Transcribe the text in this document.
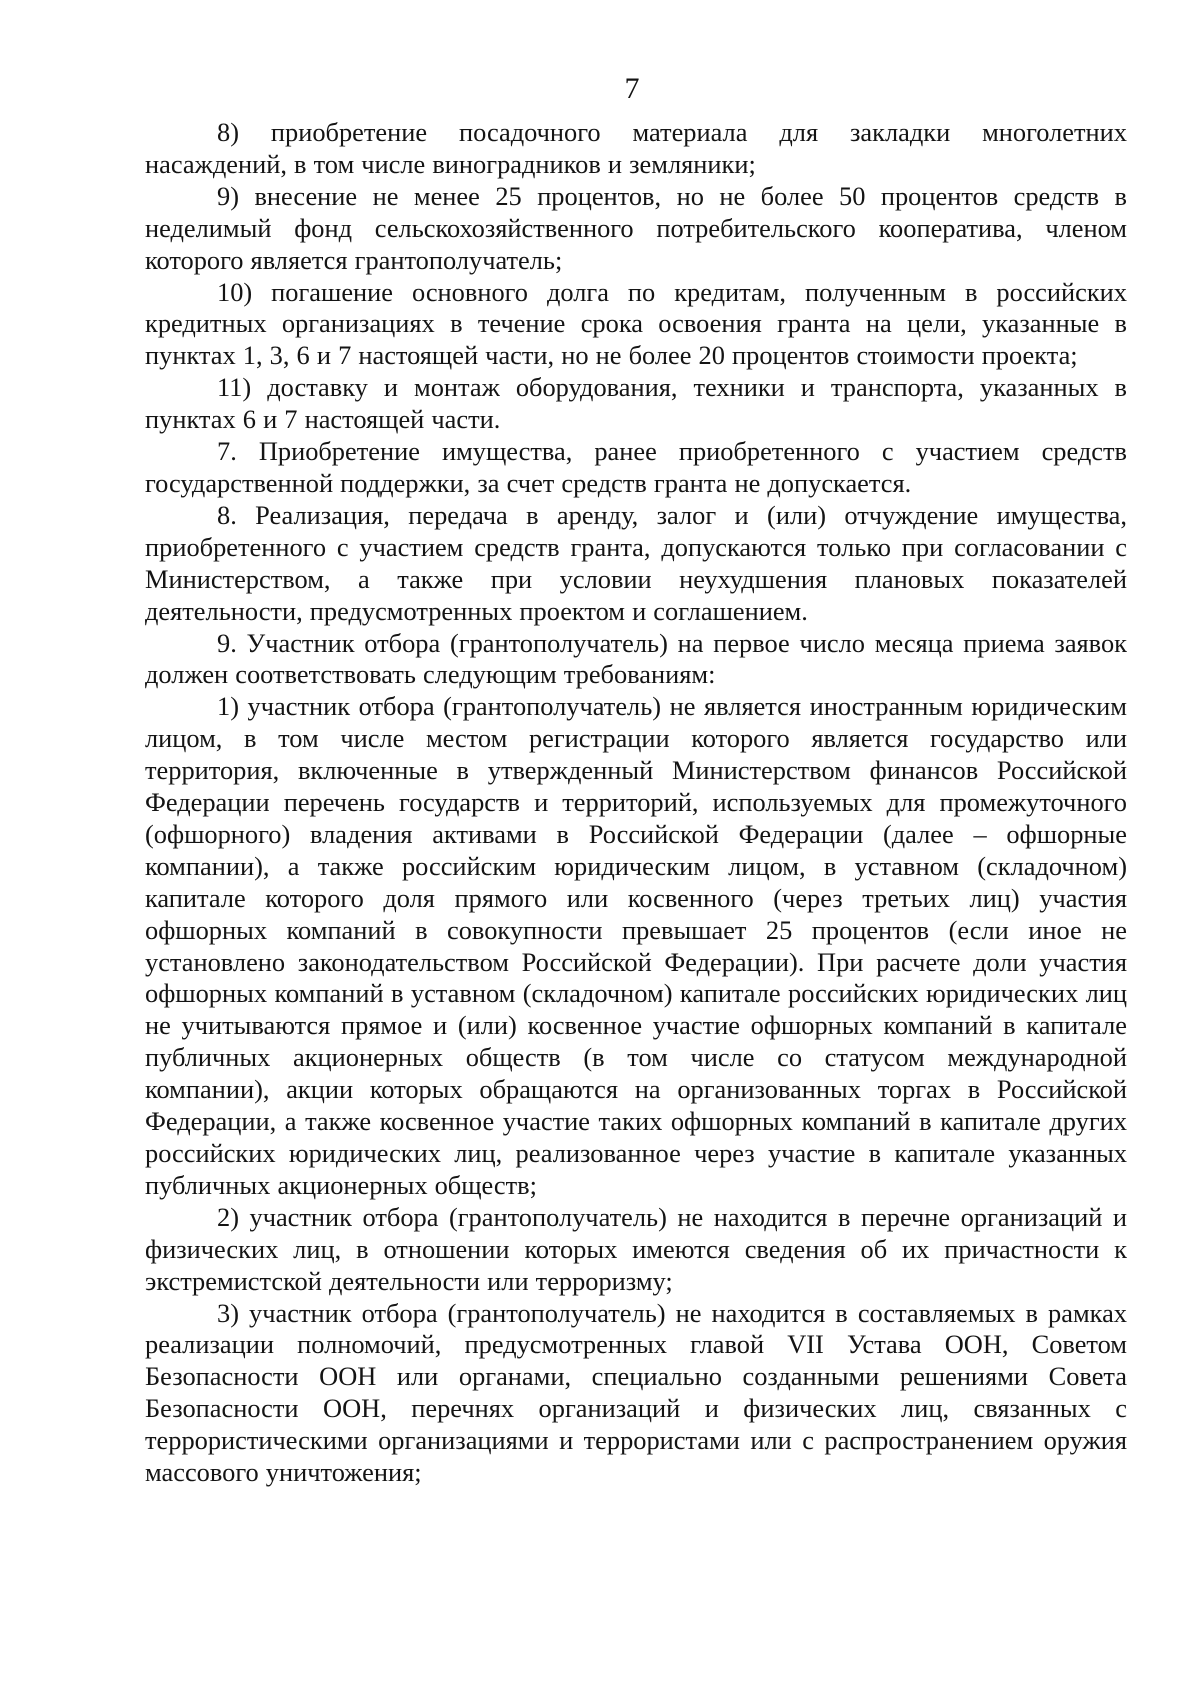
7

8) приобретение посадочного материала для закладки многолетних насаждений, в том числе виноградников и земляники;

9) внесение не менее 25 процентов, но не более 50 процентов средств в неделимый фонд сельскохозяйственного потребительского кооператива, членом которого является грантополучатель;

10) погашение основного долга по кредитам, полученным в российских кредитных организациях в течение срока освоения гранта на цели, указанные в пунктах 1, 3, 6 и 7 настоящей части, но не более 20 процентов стоимости проекта;

11) доставку и монтаж оборудования, техники и транспорта, указанных в пунктах 6 и 7 настоящей части.

7. Приобретение имущества, ранее приобретенного с участием средств государственной поддержки, за счет средств гранта не допускается.

8. Реализация, передача в аренду, залог и (или) отчуждение имущества, приобретенного с участием средств гранта, допускаются только при согласовании с Министерством, а также при условии неухудшения плановых показателей деятельности, предусмотренных проектом и соглашением.

9. Участник отбора (грантополучатель) на первое число месяца приема заявок должен соответствовать следующим требованиям:

1) участник отбора (грантополучатель) не является иностранным юридическим лицом, в том числе местом регистрации которого является государство или территория, включенные в утвержденный Министерством финансов Российской Федерации перечень государств и территорий, используемых для промежуточного (офшорного) владения активами в Российской Федерации (далее – офшорные компании), а также российским юридическим лицом, в уставном (складочном) капитале которого доля прямого или косвенного (через третьих лиц) участия офшорных компаний в совокупности превышает 25 процентов (если иное не установлено законодательством Российской Федерации). При расчете доли участия офшорных компаний в уставном (складочном) капитале российских юридических лиц не учитываются прямое и (или) косвенное участие офшорных компаний в капитале публичных акционерных обществ (в том числе со статусом международной компании), акции которых обращаются на организованных торгах в Российской Федерации, а также косвенное участие таких офшорных компаний в капитале других российских юридических лиц, реализованное через участие в капитале указанных публичных акционерных обществ;

2) участник отбора (грантополучатель) не находится в перечне организаций и физических лиц, в отношении которых имеются сведения об их причастности к экстремистской деятельности или терроризму;

3) участник отбора (грантополучатель) не находится в составляемых в рамках реализации полномочий, предусмотренных главой VII Устава ООН, Советом Безопасности ООН или органами, специально созданными решениями Совета Безопасности ООН, перечнях организаций и физических лиц, связанных с террористическими организациями и террористами или с распространением оружия массового уничтожения;
